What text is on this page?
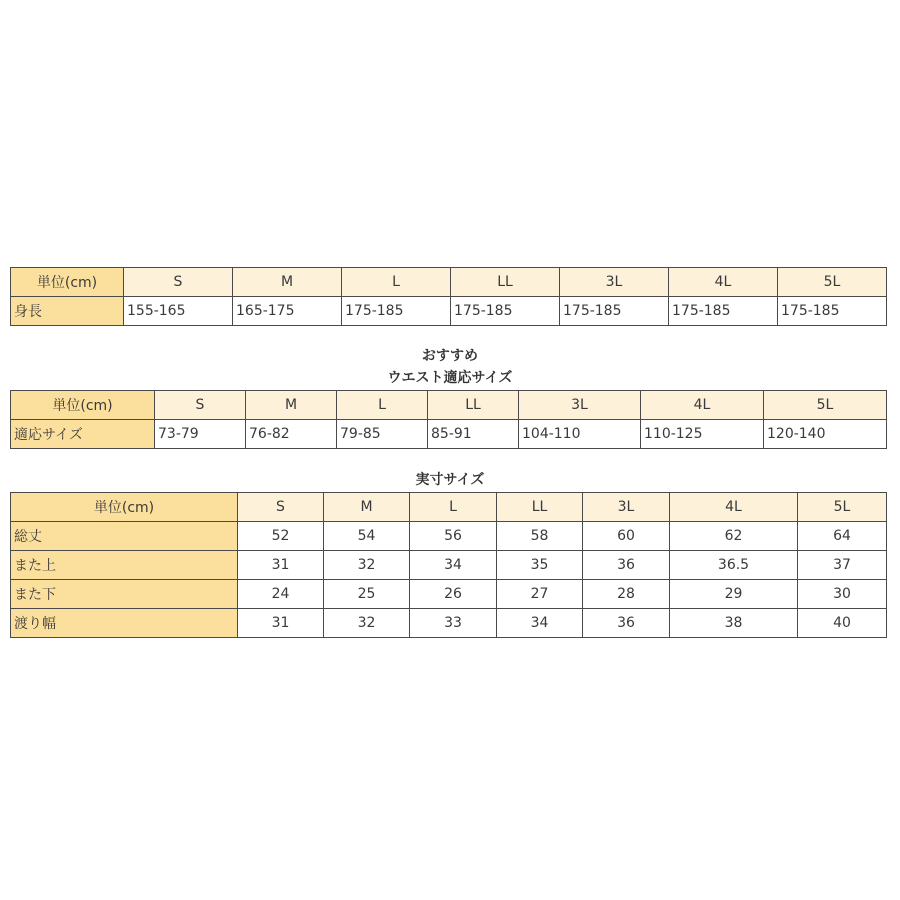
単位(cm)	S	M	L	LL	3L	4L	5L
身長	155-165	165-175	175-185	175-185	175-185	175-185	175-185
おすすめ
ウエスト適応サイズ
単位(cm)	S	M	L	LL	3L	4L	5L
適応サイズ	73-79	76-82	79-85	85-91	104-110	110-125	120-140
実寸サイズ
単位(cm)	S	M	L	LL	3L	4L	5L
総丈	52	54	56	58	60	62	64
また上	31	32	34	35	36	36.5	37
また下	24	25	26	27	28	29	30
渡り幅	31	32	33	34	36	38	40
